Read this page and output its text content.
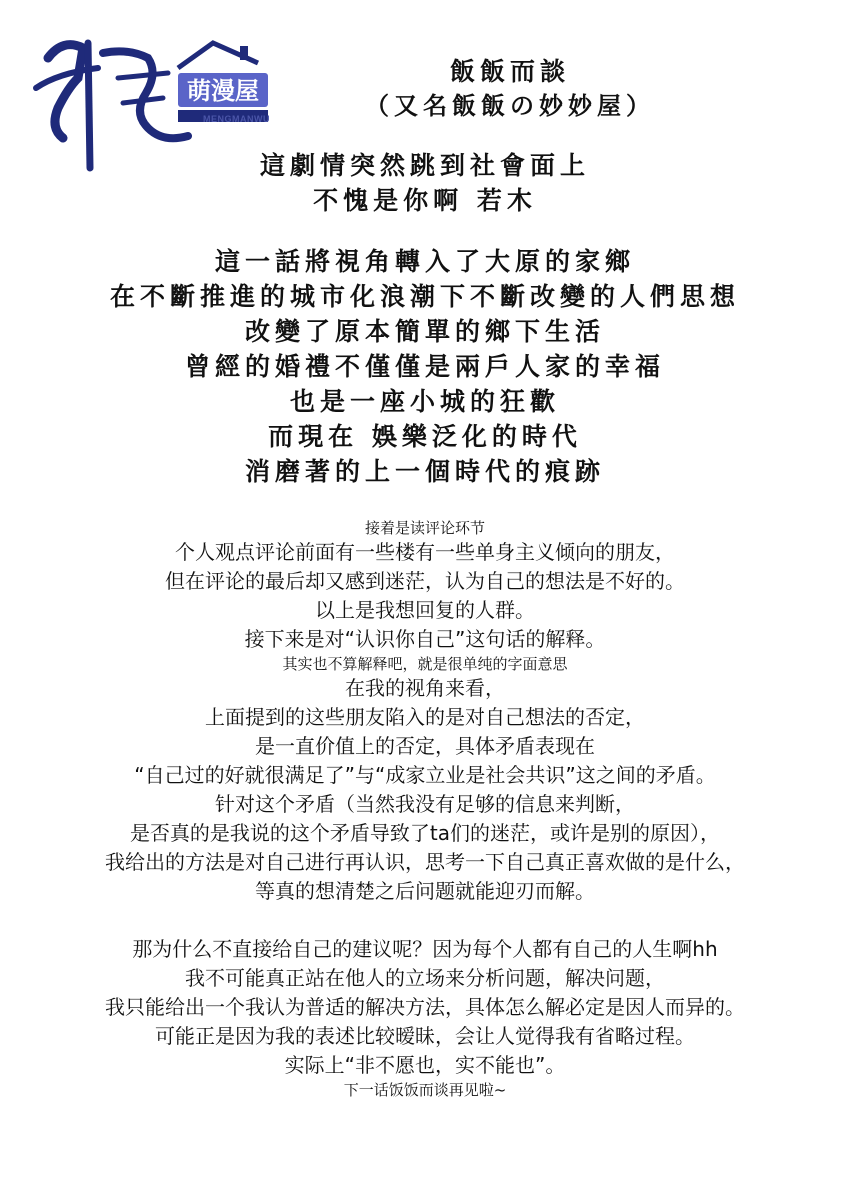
萌漫屋
MENGMANWU
飯飯而談
（又名飯飯の妙妙屋）
這劇情突然跳到社會面上
不愧是你啊 若木
這一話將視角轉入了大原的家鄉
在不斷推進的城市化浪潮下不斷改變的人們思想
改變了原本簡單的鄉下生活
曾經的婚禮不僅僅是兩戶人家的幸福
也是一座小城的狂歡
而現在 娛樂泛化的時代
消磨著的上一個時代的痕跡
接着是读评论环节
个人观点评论前面有一些楼有一些单身主义倾向的朋友，
但在评论的最后却又感到迷茫，认为自己的想法是不好的。
以上是我想回复的人群。
接下来是对“认识你自己”这句话的解释。
其实也不算解释吧，就是很单纯的字面意思
在我的视角来看，
上面提到的这些朋友陷入的是对自己想法的否定，
是一直价值上的否定，具体矛盾表现在
“自己过的好就很满足了”与“成家立业是社会共识”这之间的矛盾。
针对这个矛盾（当然我没有足够的信息来判断，
是否真的是我说的这个矛盾导致了ta们的迷茫，或许是别的原因），
我给出的方法是对自己进行再认识，思考一下自己真正喜欢做的是什么，
等真的想清楚之后问题就能迎刃而解。
那为什么不直接给自己的建议呢？因为每个人都有自己的人生啊hh
我不可能真正站在他人的立场来分析问题，解决问题，
我只能给出一个我认为普适的解决方法，具体怎么解必定是因人而异的。
可能正是因为我的表述比较暧昧，会让人觉得我有省略过程。
实际上“非不愿也，实不能也”。
下一话饭饭而谈再见啦~
